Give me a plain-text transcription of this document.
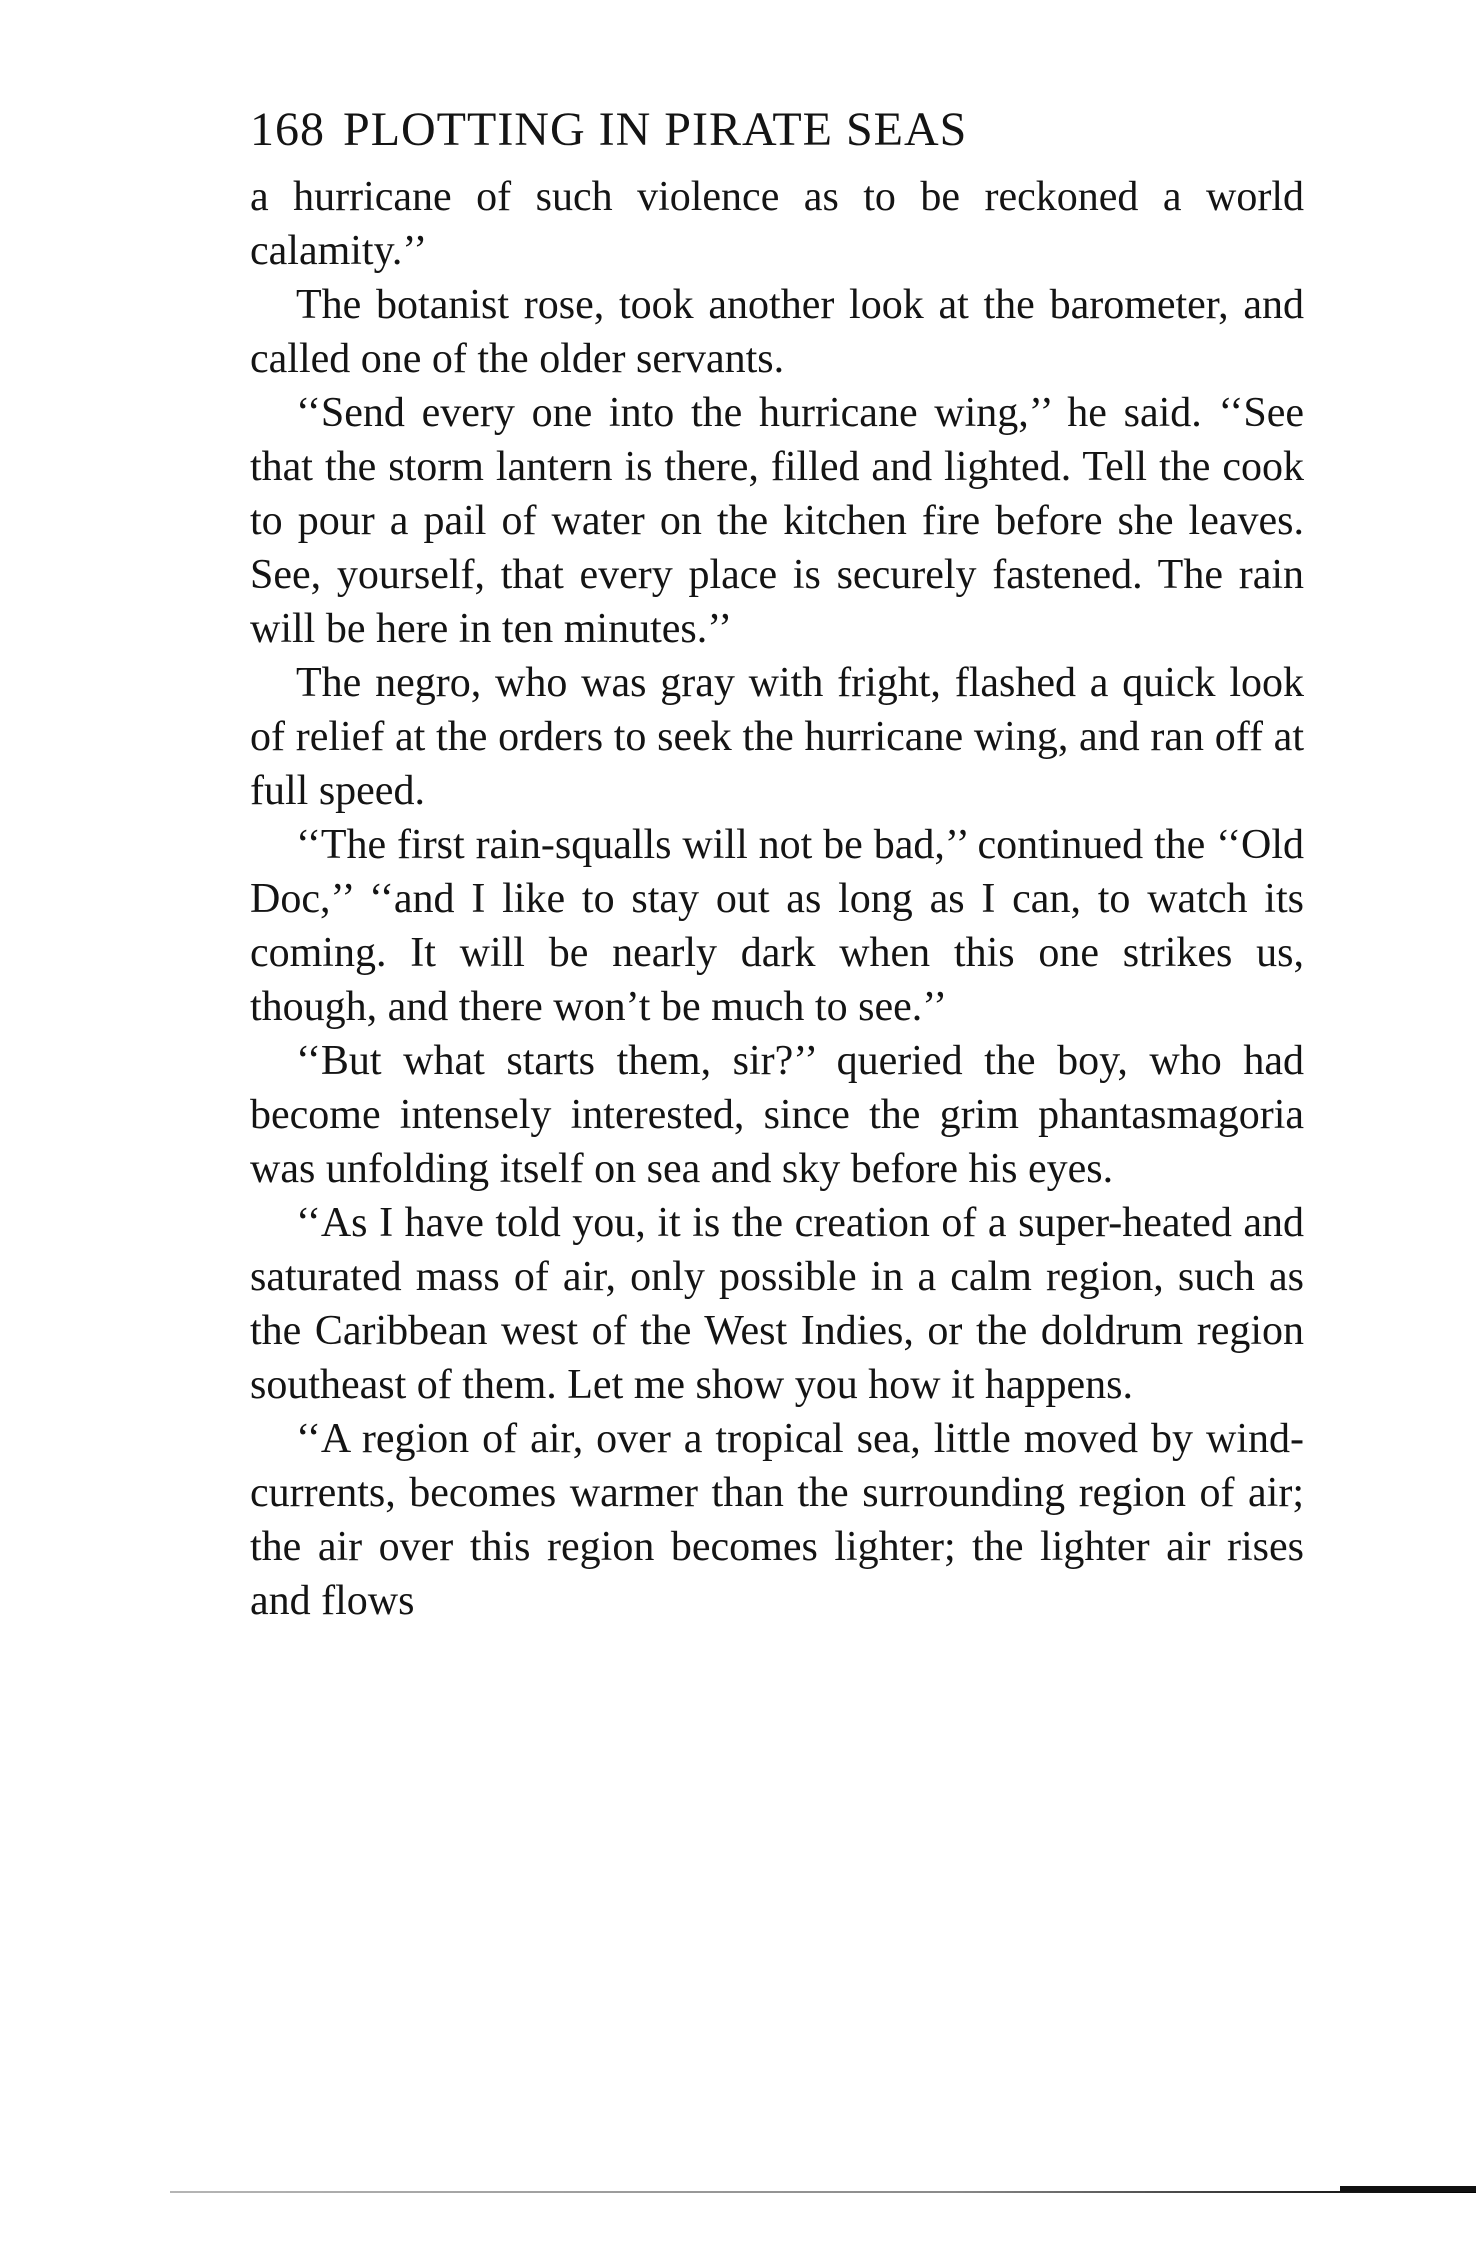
168 PLOTTING IN PIRATE SEAS

a hurricane of such violence as to be reckoned a world calamity.’’

The botanist rose, took another look at the barometer, and called one of the older servants.

‘‘Send every one into the hurricane wing,’’ he said. ‘‘See that the storm lantern is there, filled and lighted. Tell the cook to pour a pail of water on the kitchen fire before she leaves. See, yourself, that every place is securely fastened. The rain will be here in ten minutes.’’

The negro, who was gray with fright, flashed a quick look of relief at the orders to seek the hurricane wing, and ran off at full speed.

‘‘The first rain-squalls will not be bad,’’ continued the ‘‘Old Doc,’’ ‘‘and I like to stay out as long as I can, to watch its coming. It will be nearly dark when this one strikes us, though, and there won’t be much to see.’’

‘‘But what starts them, sir?’’ queried the boy, who had become intensely interested, since the grim phantasmagoria was unfolding itself on sea and sky before his eyes.

‘‘As I have told you, it is the creation of a super-heated and saturated mass of air, only possible in a calm region, such as the Caribbean west of the West Indies, or the doldrum region southeast of them. Let me show you how it happens.

‘‘A region of air, over a tropical sea, little moved by wind-currents, becomes warmer than the surrounding region of air; the air over this region becomes lighter; the lighter air rises and flows
